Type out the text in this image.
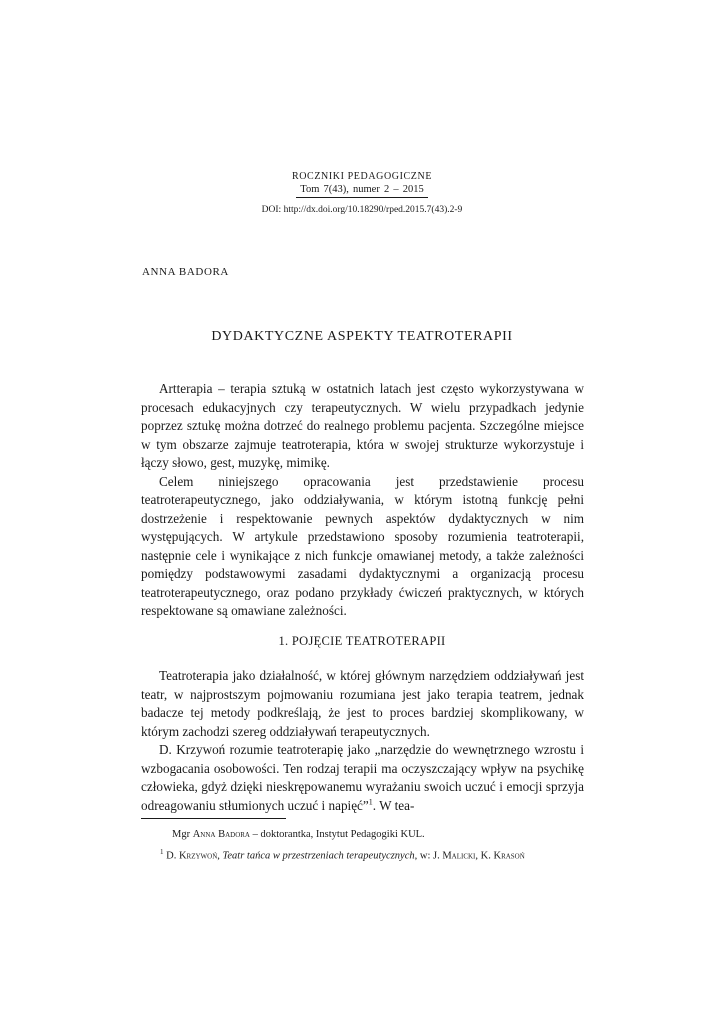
ROCZNIKI PEDAGOGICZNE
Tom 7(43), numer 2 – 2015
DOI: http://dx.doi.org/10.18290/rped.2015.7(43).2-9
ANNA BADORA
DYDAKTYCZNE ASPEKTY TEATROTERAPII

Artterapia – terapia sztuką w ostatnich latach jest często wykorzystywana w procesach edukacyjnych czy terapeutycznych. W wielu przypadkach jedynie poprzez sztukę można dotrzeć do realnego problemu pacjenta. Szczególne miejsce w tym obszarze zajmuje teatroterapia, która w swojej strukturze wykorzystuje i łączy słowo, gest, muzykę, mimikę.

Celem niniejszego opracowania jest przedstawienie procesu teatroterapeutycznego, jako oddziaływania, w którym istotną funkcję pełni dostrzeżenie i respektowanie pewnych aspektów dydaktycznych w nim występujących. W artykule przedstawiono sposoby rozumienia teatroterapii, następnie cele i wynikające z nich funkcje omawianej metody, a także zależności pomiędzy podstawowymi zasadami dydaktycznymi a organizacją procesu teatroterapeutycznego, oraz podano przykłady ćwiczeń praktycznych, w których respektowane są omawiane zależności.

1. POJĘCIE TEATROTERAPII

Teatroterapia jako działalność, w której głównym narzędziem oddziaływań jest teatr, w najprostszym pojmowaniu rozumiana jest jako terapia teatrem, jednak badacze tej metody podkreślają, że jest to proces bardziej skomplikowany, w którym zachodzi szereg oddziaływań terapeutycznych.

D. Krzywoń rozumie teatroterapię jako „narzędzie do wewnętrznego wzrostu i wzbogacania osobowości. Ten rodzaj terapii ma oczyszczający wpływ na psychikę człowieka, gdyż dzięki nieskrępowanemu wyrażaniu swoich uczuć i emocji sprzyja odreagowaniu stłumionych uczuć i napięć”$^1$. W tea-

Mgr Anna Badora – doktorantka, Instytut Pedagogiki KUL.
$^1$ D. Krzywoń, Teatr tańca w przestrzeniach terapeutycznych, w: J. Malicki, K. Krasoń
